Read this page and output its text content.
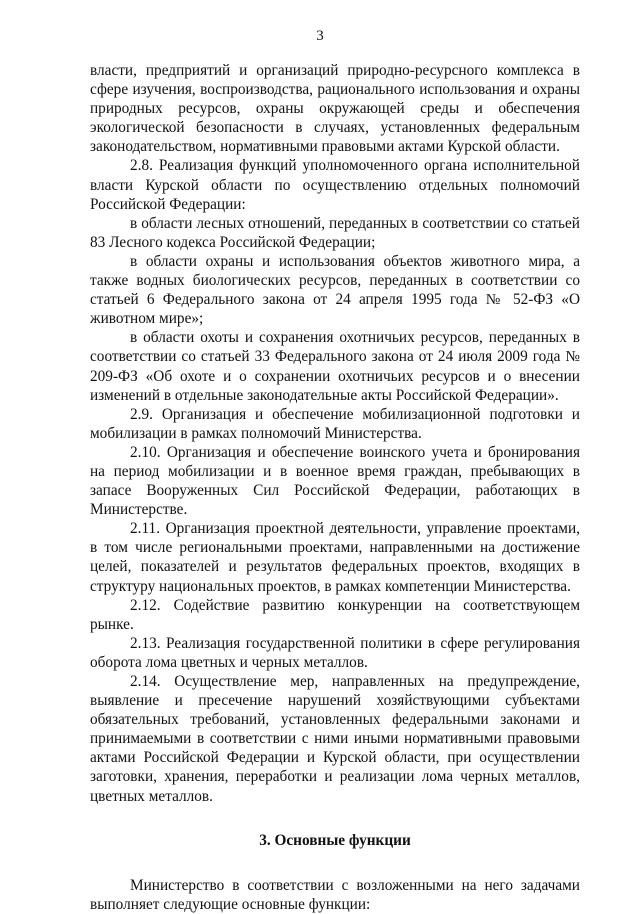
3

власти, предприятий и организаций природно-ресурсного комплекса в сфере изучения, воспроизводства, рационального использования и охраны природных ресурсов, охраны окружающей среды и обеспечения экологической безопасности в случаях, установленных федеральным законодательством, нормативными правовыми актами Курской области.

2.8. Реализация функций уполномоченного органа исполнительной власти Курской области по осуществлению отдельных полномочий Российской Федерации:

в области лесных отношений, переданных в соответствии со статьей 83 Лесного кодекса Российской Федерации;

в области охраны и использования объектов животного мира, а также водных биологических ресурсов, переданных в соответствии со статьей 6 Федерального закона от 24 апреля 1995 года № 52-ФЗ «О животном мире»;

в области охоты и сохранения охотничьих ресурсов, переданных в соответствии со статьей 33 Федерального закона от 24 июля 2009 года № 209-ФЗ «Об охоте и о сохранении охотничьих ресурсов и о внесении изменений в отдельные законодательные акты Российской Федерации».

2.9. Организация и обеспечение мобилизационной подготовки и мобилизации в рамках полномочий Министерства.

2.10. Организация и обеспечение воинского учета и бронирования на период мобилизации и в военное время граждан, пребывающих в запасе Вооруженных Сил Российской Федерации, работающих в Министерстве.

2.11. Организация проектной деятельности, управление проектами, в том числе региональными проектами, направленными на достижение целей, показателей и результатов федеральных проектов, входящих в структуру национальных проектов, в рамках компетенции Министерства.

2.12. Содействие развитию конкуренции на соответствующем рынке.

2.13. Реализация государственной политики в сфере регулирования оборота лома цветных и черных металлов.

2.14. Осуществление мер, направленных на предупреждение, выявление и пресечение нарушений хозяйствующими субъектами обязательных требований, установленных федеральными законами и принимаемыми в соответствии с ними иными нормативными правовыми актами Российской Федерации и Курской области, при осуществлении заготовки, хранения, переработки и реализации лома черных металлов, цветных металлов.

3. Основные функции

Министерство в соответствии с возложенными на него задачами выполняет следующие основные функции:
